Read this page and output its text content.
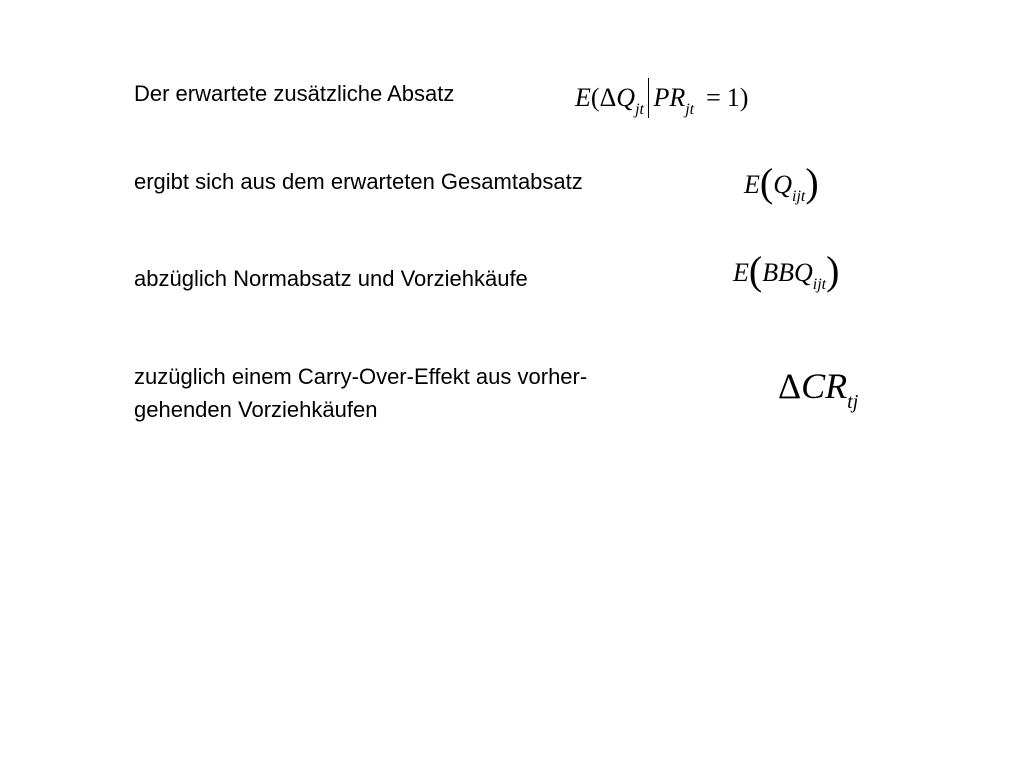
Der erwartete zusätzliche Absatz	$E(\Delta Q_{jt}$ $PR_{jt} = 1$)
ergibt sich aus dem erwarteten Gesamtabsatz	$E(Q_{ijt})$
abzüglich Normabsatz und Vorziehkäufe	$E(BBQ_{ijt})$
zuzüglich einem Carry-Over-Effekt aus vorher-
gehenden Vorziehkäufen
$\Delta CR_{tj}$
